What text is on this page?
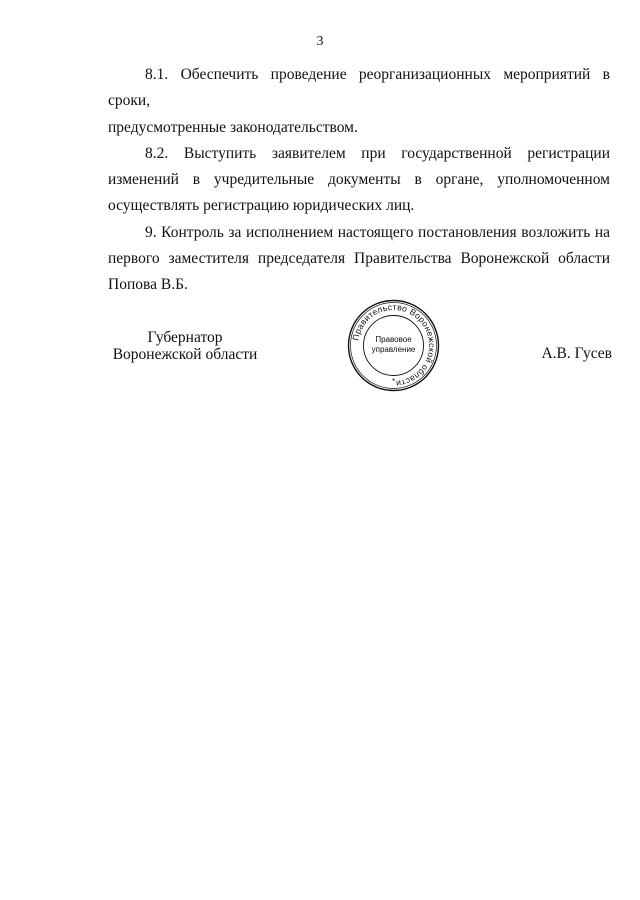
3
8.1. Обеспечить проведение реорганизационных мероприятий в сроки,
предусмотренные законодательством.
8.2. Выступить заявителем при государственной регистрации
изменений в учредительные документы в органе, уполномоченном
осуществлять регистрацию юридических лиц.
9. Контроль за исполнением настоящего постановления возложить на
первого заместителя председателя Правительства Воронежской области
Попова В.Б.
Губернатор
Воронежской области
Правительство Воронежской области
Правовое
управление
*
А.В. Гусев
